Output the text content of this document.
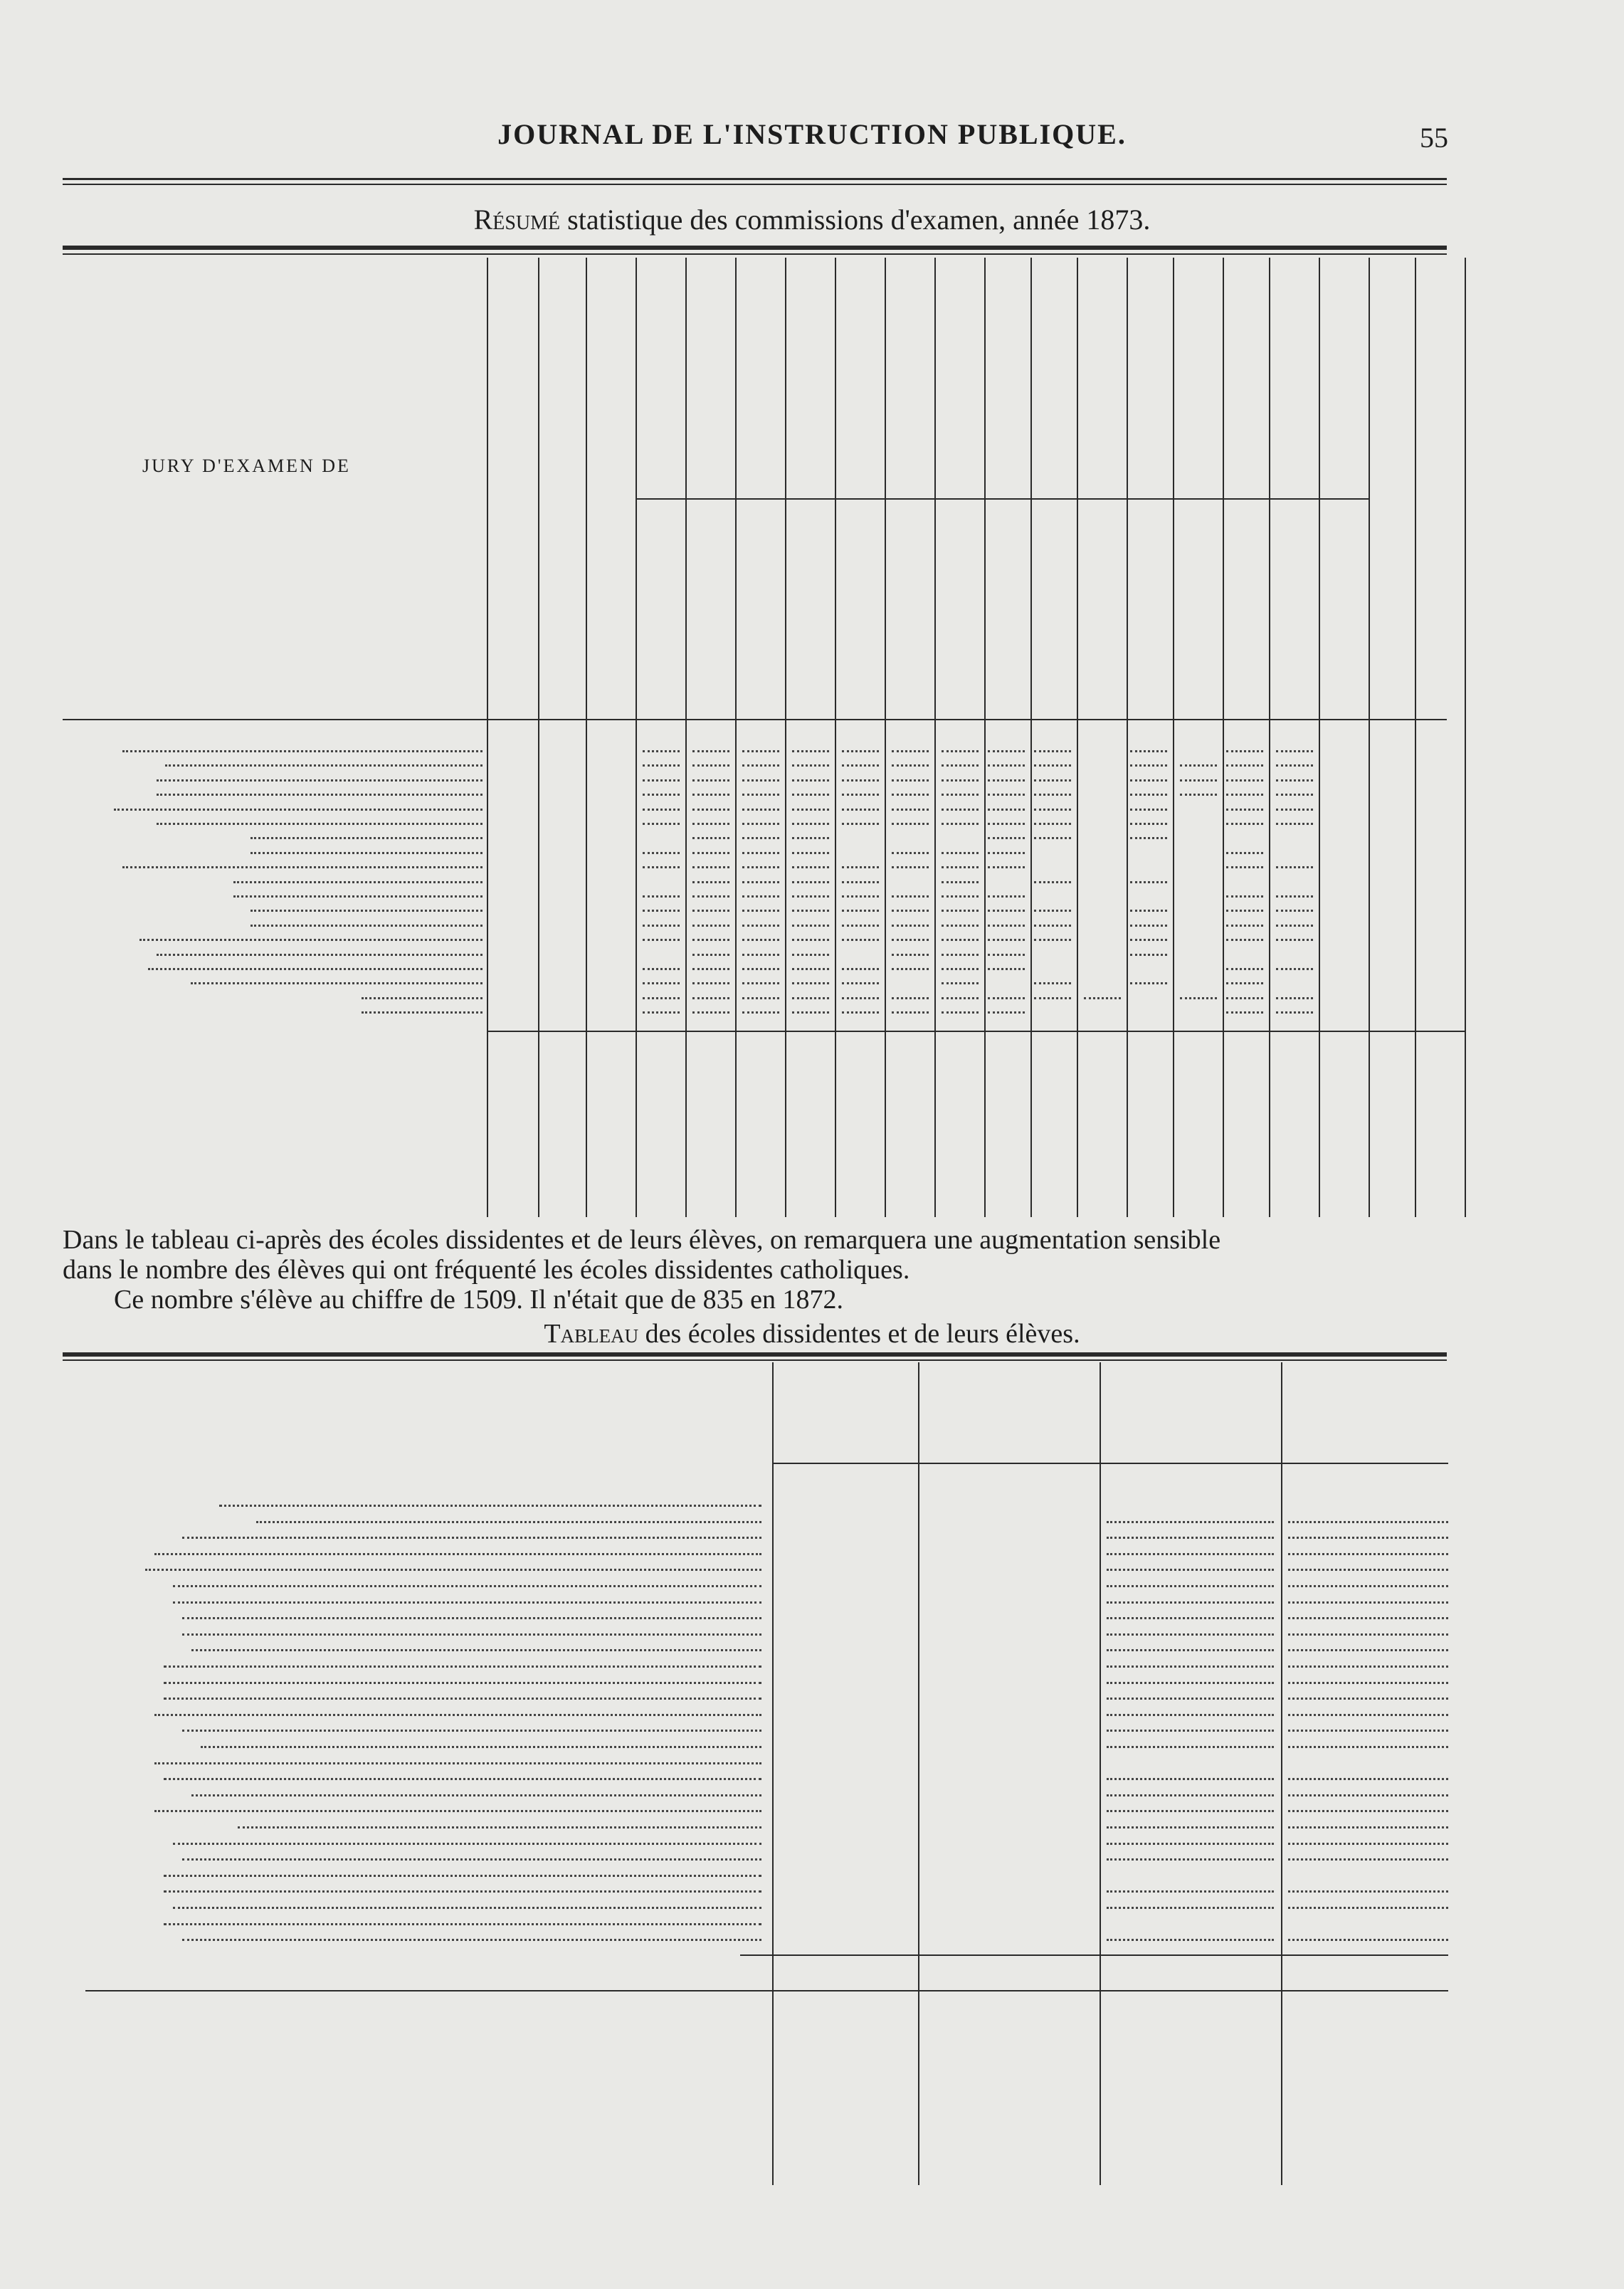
JOURNAL DE L'INSTRUCTION PUBLIQUE.	55
Résumé statistique des commissions d'examen, année 1873.
JURY D'EXAMEN DE
Dans le tableau ci-après des écoles dissidentes et de leurs élèves, on remarquera une augmentation sensible
dans le nombre des élèves qui ont fréquenté les écoles dissidentes catholiques.
Ce nombre s'élève au chiffre de 1509. Il n'était que de 835 en 1872.
Tableau des écoles dissidentes et de leurs élèves.
